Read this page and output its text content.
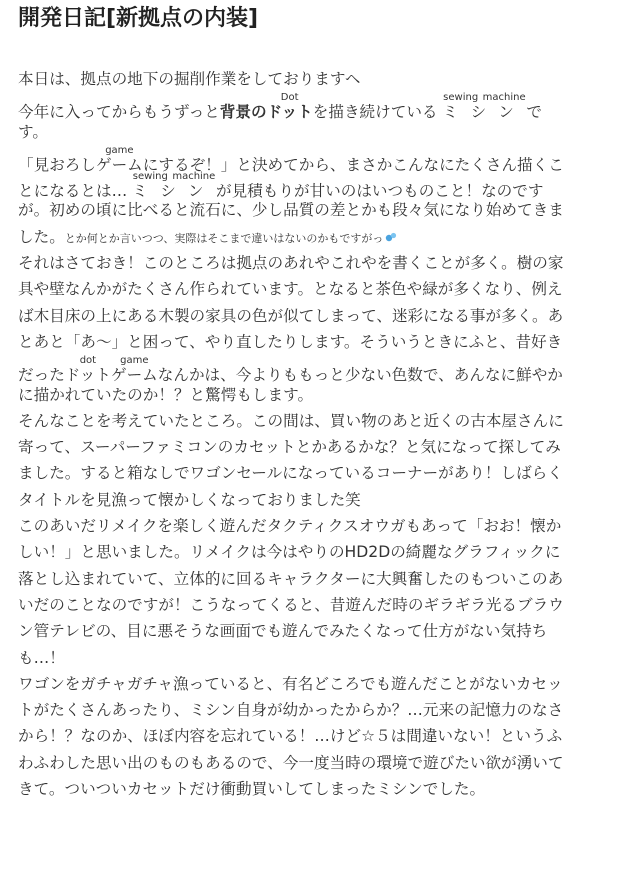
開発日記[新拠点の内装]
本日は、拠点の地下の掘削作業をしておりますヘ
今年に入ってからもうずっと背景のドットDotを描き続けている ミシンsewing machineで
す。
「見おろしゲームgameにするぞ！」と決めてから、まさかこんなにたくさん描くこ
とになるとは… ミシンsewing machineが見積もりが甘いのはいつものこと！なのです
が。初めの頃に比べると流石に、少し品質の差とかも段々気になり始めてきま
した。とか何とか言いつつ、実際はそこまで違いはないのかもですがっ
それはさておき！このところは拠点のあれやこれやを書くことが多く。樹の家
具や壁なんかがたくさん作られています。となると茶色や緑が多くなり、例え
ば木目床の上にある木製の家具の色が似てしまって、迷彩になる事が多く。あ
とあと「あ～」と困って、やり直したりします。そういうときにふと、昔好き
だったドットdotゲームgameなんかは、今よりももっと少ない色数で、あんなに鮮やか
に描かれていたのか！？と驚愕もします。
そんなことを考えていたところ。この間は、買い物のあと近くの古本屋さんに
寄って、スーパーファミコンのカセットとかあるかな？と気になって探してみ
ました。すると箱なしでワゴンセールになっているコーナーがあり！しばらく
タイトルを見漁って懐かしくなっておりました笑
このあいだリメイクを楽しく遊んだタクティクスオウガもあって「おお！懐か
しい！」と思いました。リメイクは今はやりのHD2Dの綺麗なグラフィックに
落とし込まれていて、立体的に回るキャラクターに大興奮したのもついこのあ
いだのことなのですが！こうなってくると、昔遊んだ時のギラギラ光るブラウ
ン管テレビの、目に悪そうな画面でも遊んでみたくなって仕方がない気持ち
も…！
ワゴンをガチャガチャ漁っていると、有名どころでも遊んだことがないカセッ
トがたくさんあったり、ミシン自身が幼かったからか？…元来の記憶力のなさ
から！？なのか、ほぼ内容を忘れている！…けど☆５は間違いない！というふ
わふわした思い出のものもあるので、今一度当時の環境で遊びたい欲が湧いて
きて。ついついカセットだけ衝動買いしてしまったミシンでした。
